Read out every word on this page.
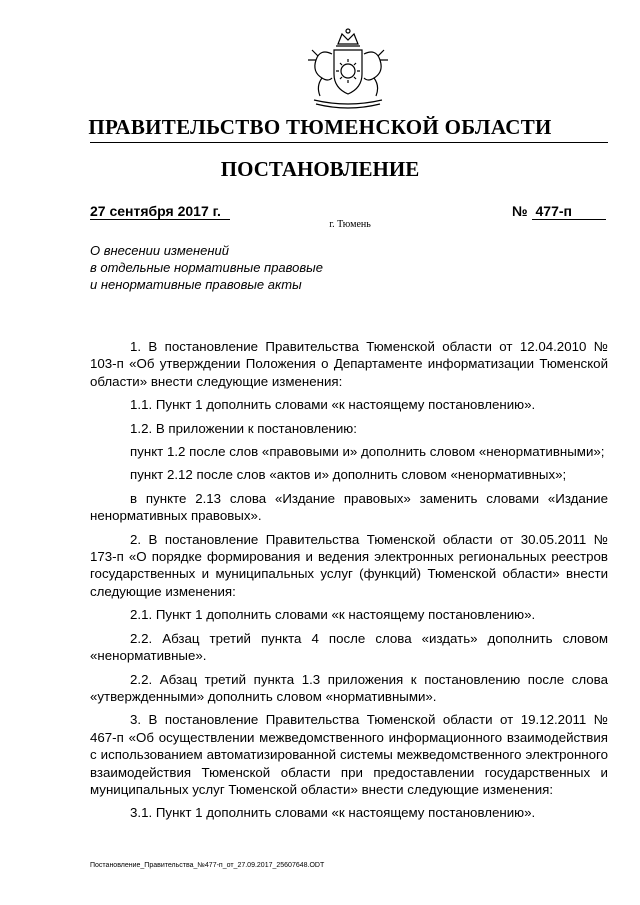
ПРАВИТЕЛЬСТВО ТЮМЕНСКОЙ ОБЛАСТИ
ПОСТАНОВЛЕНИЕ
27 сентября 2017 г.	№ 477-п
г. Тюмень
О внесении изменений
в отдельные нормативные правовые
и ненормативные правовые акты

1. В постановление Правительства Тюменской области от 12.04.2010 № 103-п «Об утверждении Положения о Департаменте информатизации Тюменской области» внести следующие изменения:

1.1. Пункт 1 дополнить словами «к настоящему постановлению».

1.2. В приложении к постановлению:

пункт 1.2 после слов «правовыми и» дополнить словом «ненормативными»;

пункт 2.12 после слов «актов и» дополнить словом «ненормативных»;

в пункте 2.13 слова «Издание правовых» заменить словами «Издание ненормативных правовых».

2. В постановление Правительства Тюменской области от 30.05.2011 № 173-п «О порядке формирования и ведения электронных региональных реестров государственных и муниципальных услуг (функций) Тюменской области» внести следующие изменения:

2.1. Пункт 1 дополнить словами «к настоящему постановлению».

2.2. Абзац третий пункта 4 после слова «издать» дополнить словом «ненормативные».

2.2. Абзац третий пункта 1.3 приложения к постановлению после слова «утвержденными» дополнить словом «нормативными».

3. В постановление Правительства Тюменской области от 19.12.2011 № 467-п «Об осуществлении межведомственного информационного взаимодействия с использованием автоматизированной системы межведомственного электронного взаимодействия Тюменской области при предоставлении государственных и муниципальных услуг Тюменской области» внести следующие изменения:

3.1. Пункт 1 дополнить словами «к настоящему постановлению».

Постановление_Правительства_№477-п_от_27.09.2017_25607648.ODT
